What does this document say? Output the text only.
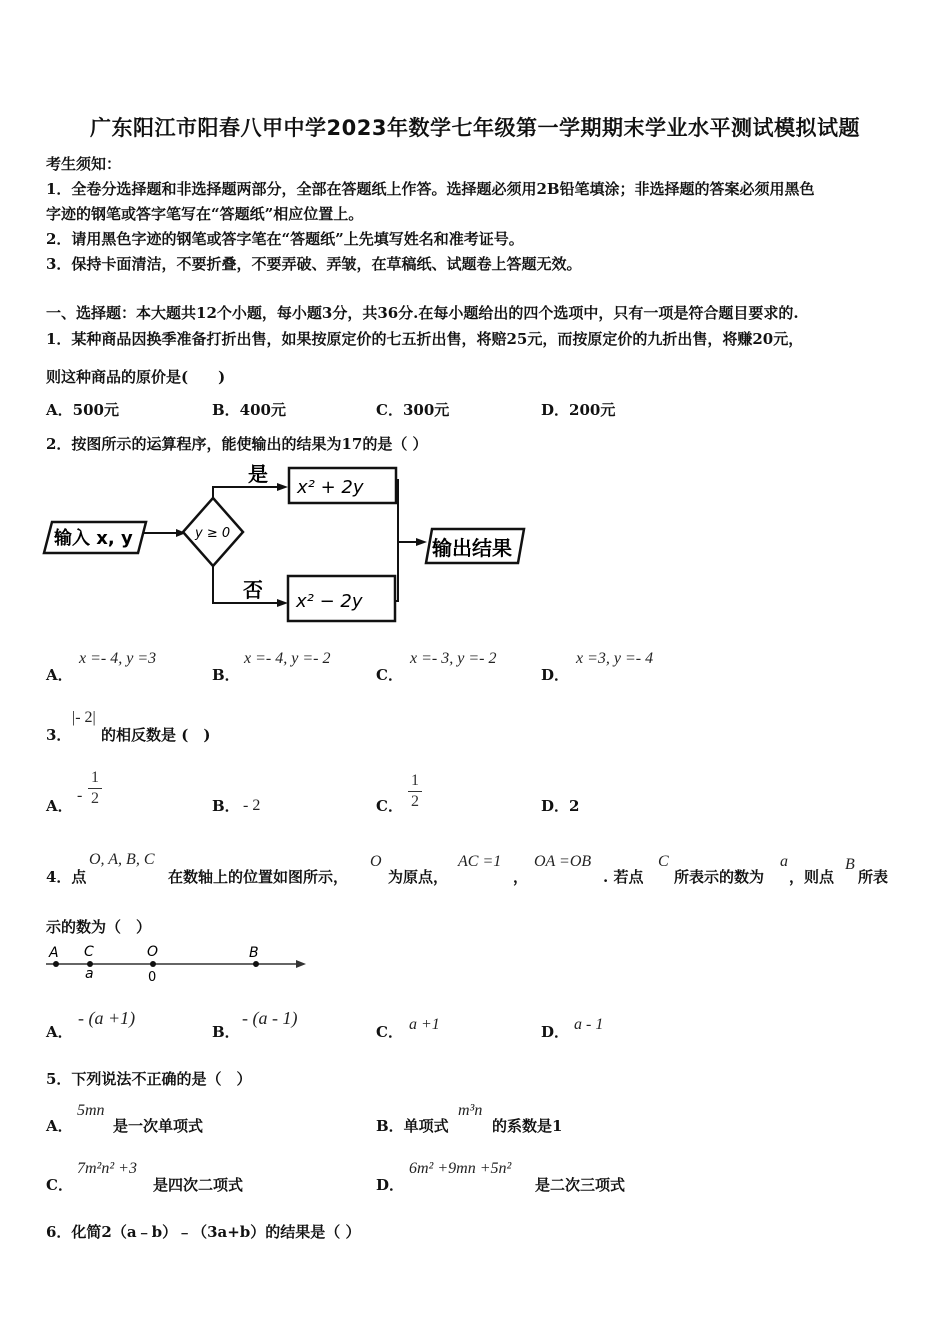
广东阳江市阳春八甲中学2023年数学七年级第一学期期末学业水平测试模拟试题
考生须知：
1．全卷分选择题和非选择题两部分，全部在答题纸上作答。选择题必须用2B铅笔填涂；非选择题的答案必须用黑色
字迹的钢笔或答字笔写在“答题纸”相应位置上。
2．请用黑色字迹的钢笔或答字笔在“答题纸”上先填写姓名和准考证号。
3．保持卡面清洁，不要折叠，不要弄破、弄皱，在草稿纸、试题卷上答题无效。
一、选择题：本大题共12个小题，每小题3分，共36分.在每小题给出的四个选项中，只有一项是符合题目要求的.
1．某种商品因换季准备打折出售，如果按原定价的七五折出售，将赔25元，而按原定价的九折出售，将赚20元，
则这种商品的原价是(　　)
A．500元	B．400元	C．300元	D．200元
2．按图所示的运算程序，能使输出的结果为17的是（ ）
输入 x, y	y ≥ 0
是
x² + 2y
否 x² − 2y
输出结果
A．
x =- 4, y =3
B．
x =- 4, y =- 2
C．
x =- 3, y =- 2
D．
x =3, y =- 4
3．
|- 2|
的相反数是 (　)
A．
-
1
2	B． - 2	C．
1
2	D．2
4．点
O, A, B, C
在数轴上的位置如图所示，
O
为原点，
AC =1
，
OA =OB
. 若点
C
所表示的数为
a
，则点
B
所表
示的数为（　）
A C
a
O
0
B
A．
- (a +1)
B．
- (a - 1)
C． a +1	D． a - 1
5．下列说法不正确的是（　）
A．
5mn
是一次单项式	B．单项式
m³n
的系数是1
C．
7m²n² +3
是四次二项式	D．
6m² +9mn +5n²
是二次三项式
6．化简2（a﹣b）﹣（3a+b）的结果是（ ）
